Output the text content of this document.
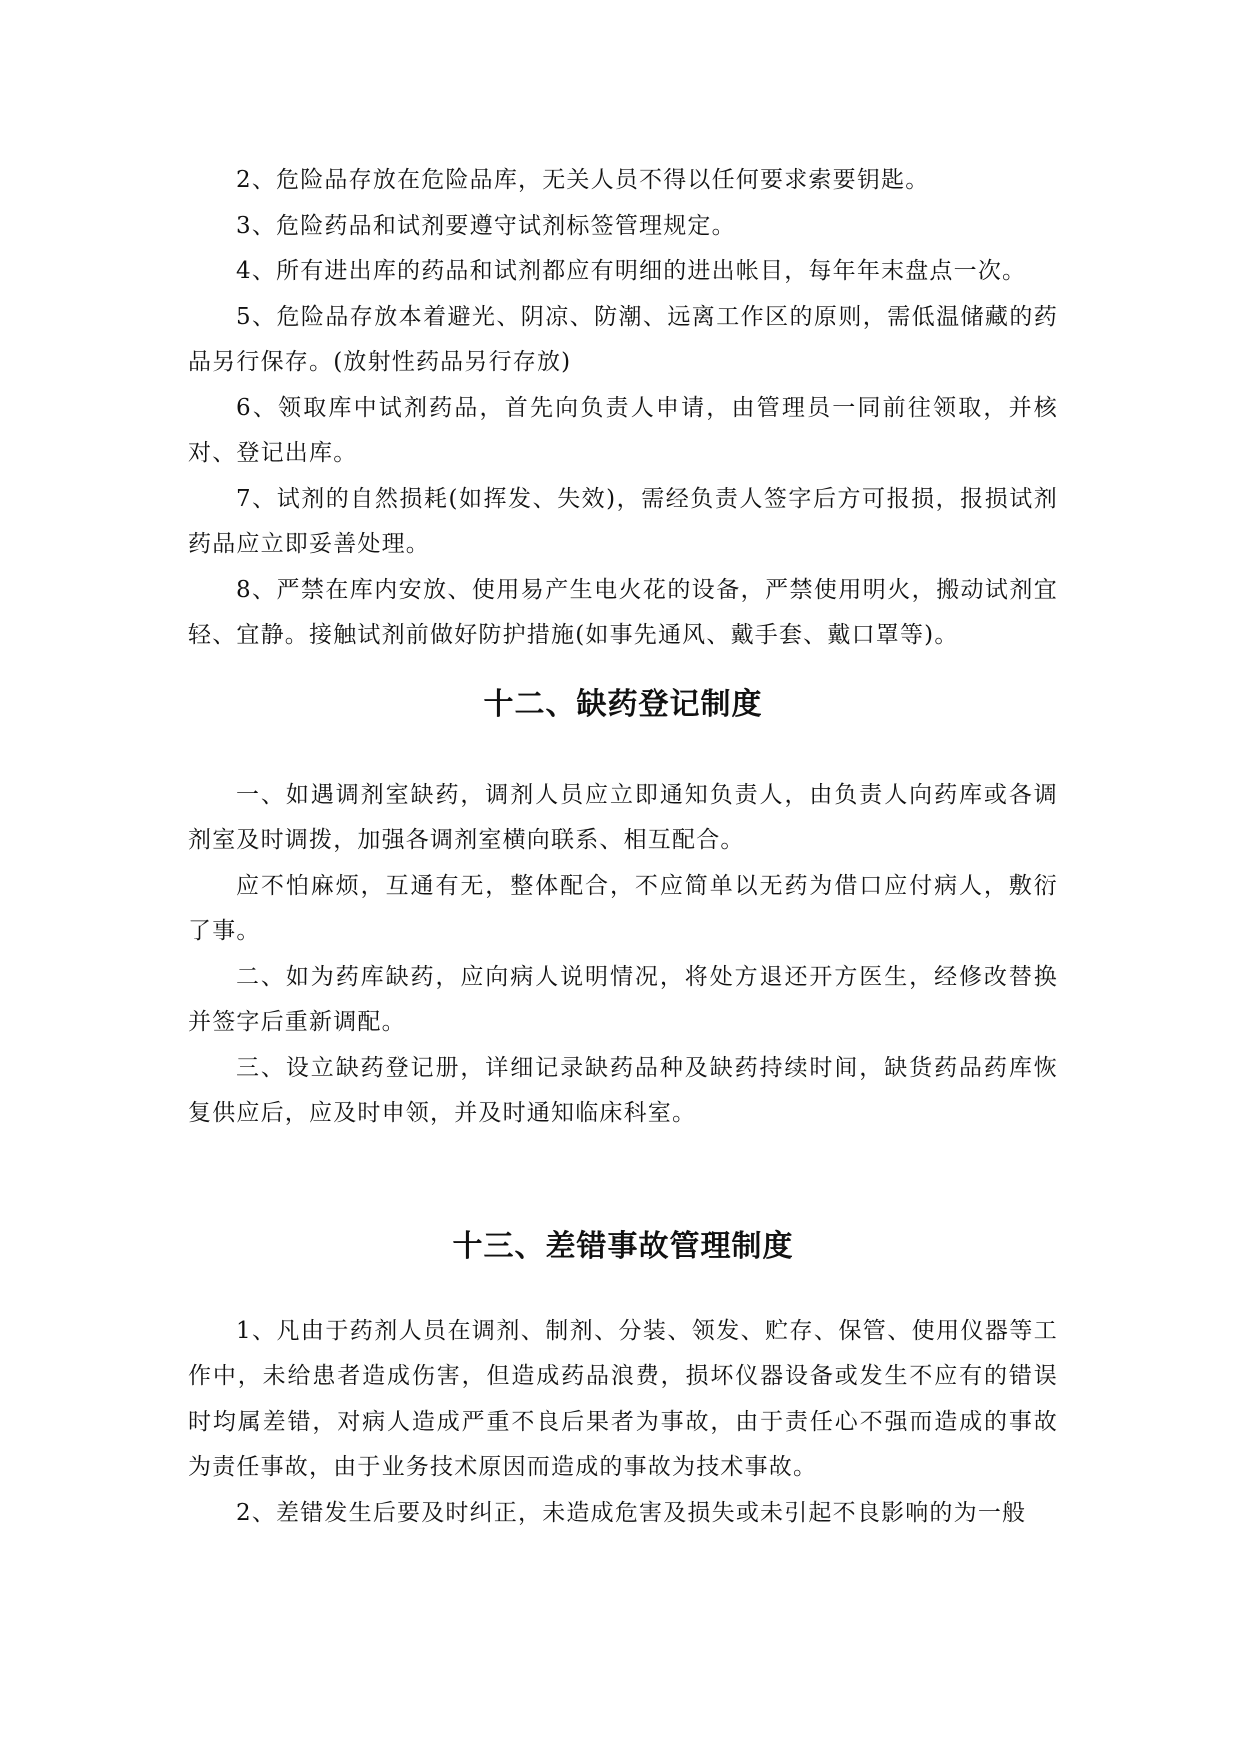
2、危险品存放在危险品库，无关人员不得以任何要求索要钥匙。

3、危险药品和试剂要遵守试剂标签管理规定。

4、所有进出库的药品和试剂都应有明细的进出帐目，每年年末盘点一次。

5、危险品存放本着避光、阴凉、防潮、远离工作区的原则，需低温储藏的药品另行保存。(放射性药品另行存放)

6、领取库中试剂药品，首先向负责人申请，由管理员一同前往领取，并核对、登记出库。

7、试剂的自然损耗(如挥发、失效)，需经负责人签字后方可报损，报损试剂药品应立即妥善处理。

8、严禁在库内安放、使用易产生电火花的设备，严禁使用明火，搬动试剂宜轻、宜静。接触试剂前做好防护措施(如事先通风、戴手套、戴口罩等)。

十二、缺药登记制度

一、如遇调剂室缺药，调剂人员应立即通知负责人，由负责人向药库或各调剂室及时调拨，加强各调剂室横向联系、相互配合。

应不怕麻烦，互通有无，整体配合，不应简单以无药为借口应付病人，敷衍了事。

二、如为药库缺药，应向病人说明情况，将处方退还开方医生，经修改替换并签字后重新调配。

三、设立缺药登记册，详细记录缺药品种及缺药持续时间，缺货药品药库恢复供应后，应及时申领，并及时通知临床科室。

十三、差错事故管理制度

1、凡由于药剂人员在调剂、制剂、分装、领发、贮存、保管、使用仪器等工作中，未给患者造成伤害，但造成药品浪费，损坏仪器设备或发生不应有的错误时均属差错，对病人造成严重不良后果者为事故，由于责任心不强而造成的事故为责任事故，由于业务技术原因而造成的事故为技术事故。

2、差错发生后要及时纠正，未造成危害及损失或未引起不良影响的为一般
